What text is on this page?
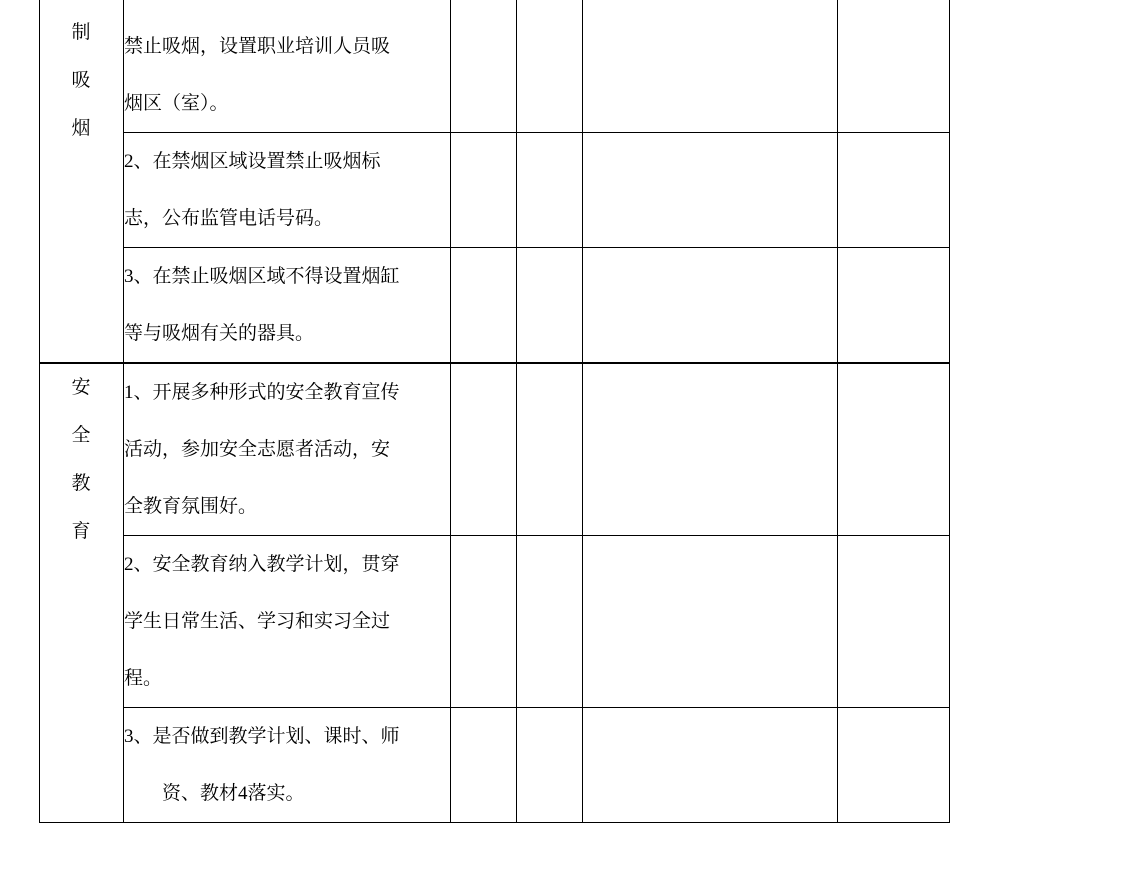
制
吸
烟	禁止吸烟，设置职业培训人员吸
烟区（室）。				

	2、在禁烟区域设置禁止吸烟标
志，公布监管电话号码。				

	3、在禁止吸烟区域不得设置烟缸
等与吸烟有关的器具。				

安
全
教
育	1、开展多种形式的安全教育宣传
活动，参加安全志愿者活动，安
全教育氛围好。				

	2、安全教育纳入教学计划，贯穿
学生日常生活、学习和实习全过
程。				

	3、是否做到教学计划、课时、师
资、教材4落实。				
